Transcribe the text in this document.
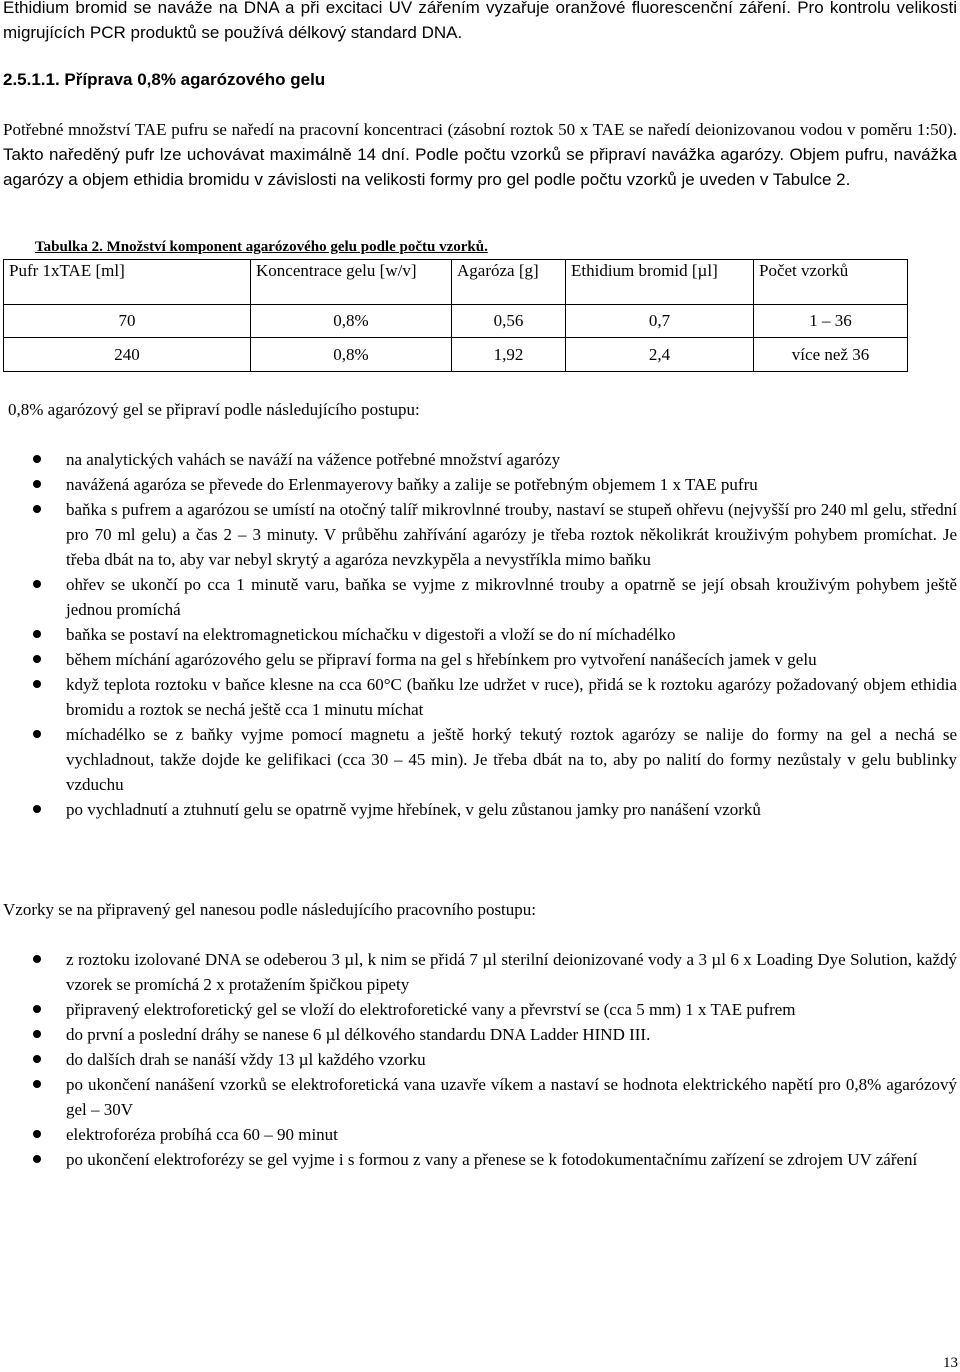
Ethidium bromid se naváže na DNA a při excitaci UV zářením vyzařuje oranžové fluorescenční záření. Pro kontrolu velikosti migrujících PCR produktů se používá délkový standard DNA.
2.5.1.1. Příprava 0,8% agarózového gelu
Potřebné množství TAE pufru se naředí na pracovní koncentraci (zásobní roztok 50 x TAE se naředí deionizovanou vodou v poměru 1:50). Takto naředěný pufr lze uchovávat maximálně 14 dní. Podle počtu vzorků se připraví navážka agarózy. Objem pufru, navážka agarózy a objem ethidia bromidu v závislosti na velikosti formy pro gel podle počtu vzorků je uveden v Tabulce 2.
Tabulka 2. Množství komponent agarózového gelu podle počtu vzorků.
Pufr 1xTAE [ml]	Koncentrace gelu [w/v]	Agaróza [g]	Ethidium bromid [µl]	Počet vzorků
70	0,8%	0,56	0,7	1 – 36
240	0,8%	1,92	2,4	více než 36
0,8% agarózový gel se připraví podle následujícího postupu:
na analytických vahách se naváží na vážence potřebné množství agarózy
navážená agaróza se převede do Erlenmayerovy baňky a zalije se potřebným objemem 1 x TAE pufru
baňka s pufrem a agarózou se umístí na otočný talíř mikrovlnné trouby, nastaví se stupeň ohřevu (nejvyšší pro 240 ml gelu, střední pro 70 ml gelu) a čas 2 – 3 minuty. V průběhu zahřívání agarózy je třeba roztok několikrát krouživým pohybem promíchat. Je třeba dbát na to, aby var nebyl skrytý a agaróza nevzkypěla a nevystříkla mimo baňku
ohřev se ukončí po cca 1 minutě varu, baňka se vyjme z mikrovlnné trouby a opatrně se její obsah krouživým pohybem ještě jednou promíchá
baňka se postaví na elektromagnetickou míchačku v digestoři a vloží se do ní míchadélko
během míchání agarózového gelu se připraví forma na gel s hřebínkem pro vytvoření nanášecích jamek v gelu
když teplota roztoku v baňce klesne na cca 60°C (baňku lze udržet v ruce), přidá se k roztoku agarózy požadovaný objem ethidia bromidu a roztok se nechá ještě cca 1 minutu míchat
míchadélko se z baňky vyjme pomocí magnetu a ještě horký tekutý roztok agarózy se nalije do formy na gel a nechá se vychladnout, takže dojde ke gelifikaci (cca 30 – 45 min). Je třeba dbát na to, aby po nalití do formy nezůstaly v gelu bublinky vzduchu
po vychladnutí a ztuhnutí gelu se opatrně vyjme hřebínek, v gelu zůstanou jamky pro nanášení vzorků
Vzorky se na připravený gel nanesou podle následujícího pracovního postupu:
z roztoku izolované DNA se odeberou 3 µl, k nim se přidá 7 µl sterilní deionizované vody a 3 µl 6 x Loading Dye Solution, každý vzorek se promíchá 2 x protažením špičkou pipety
připravený elektroforetický gel se vloží do elektroforetické vany a převrství se (cca 5 mm) 1 x TAE pufrem
do první a poslední dráhy se nanese 6 µl délkového standardu DNA Ladder HIND III.
do dalších drah se nanáší vždy 13 µl každého vzorku
po ukončení nanášení vzorků se elektroforetická vana uzavře víkem a nastaví se hodnota elektrického napětí pro 0,8% agarózový gel – 30V
elektroforéza probíhá cca 60 – 90 minut
po ukončení elektroforézy se gel vyjme i s formou z vany a přenese se k fotodokumentačnímu zařízení se zdrojem UV záření
13
